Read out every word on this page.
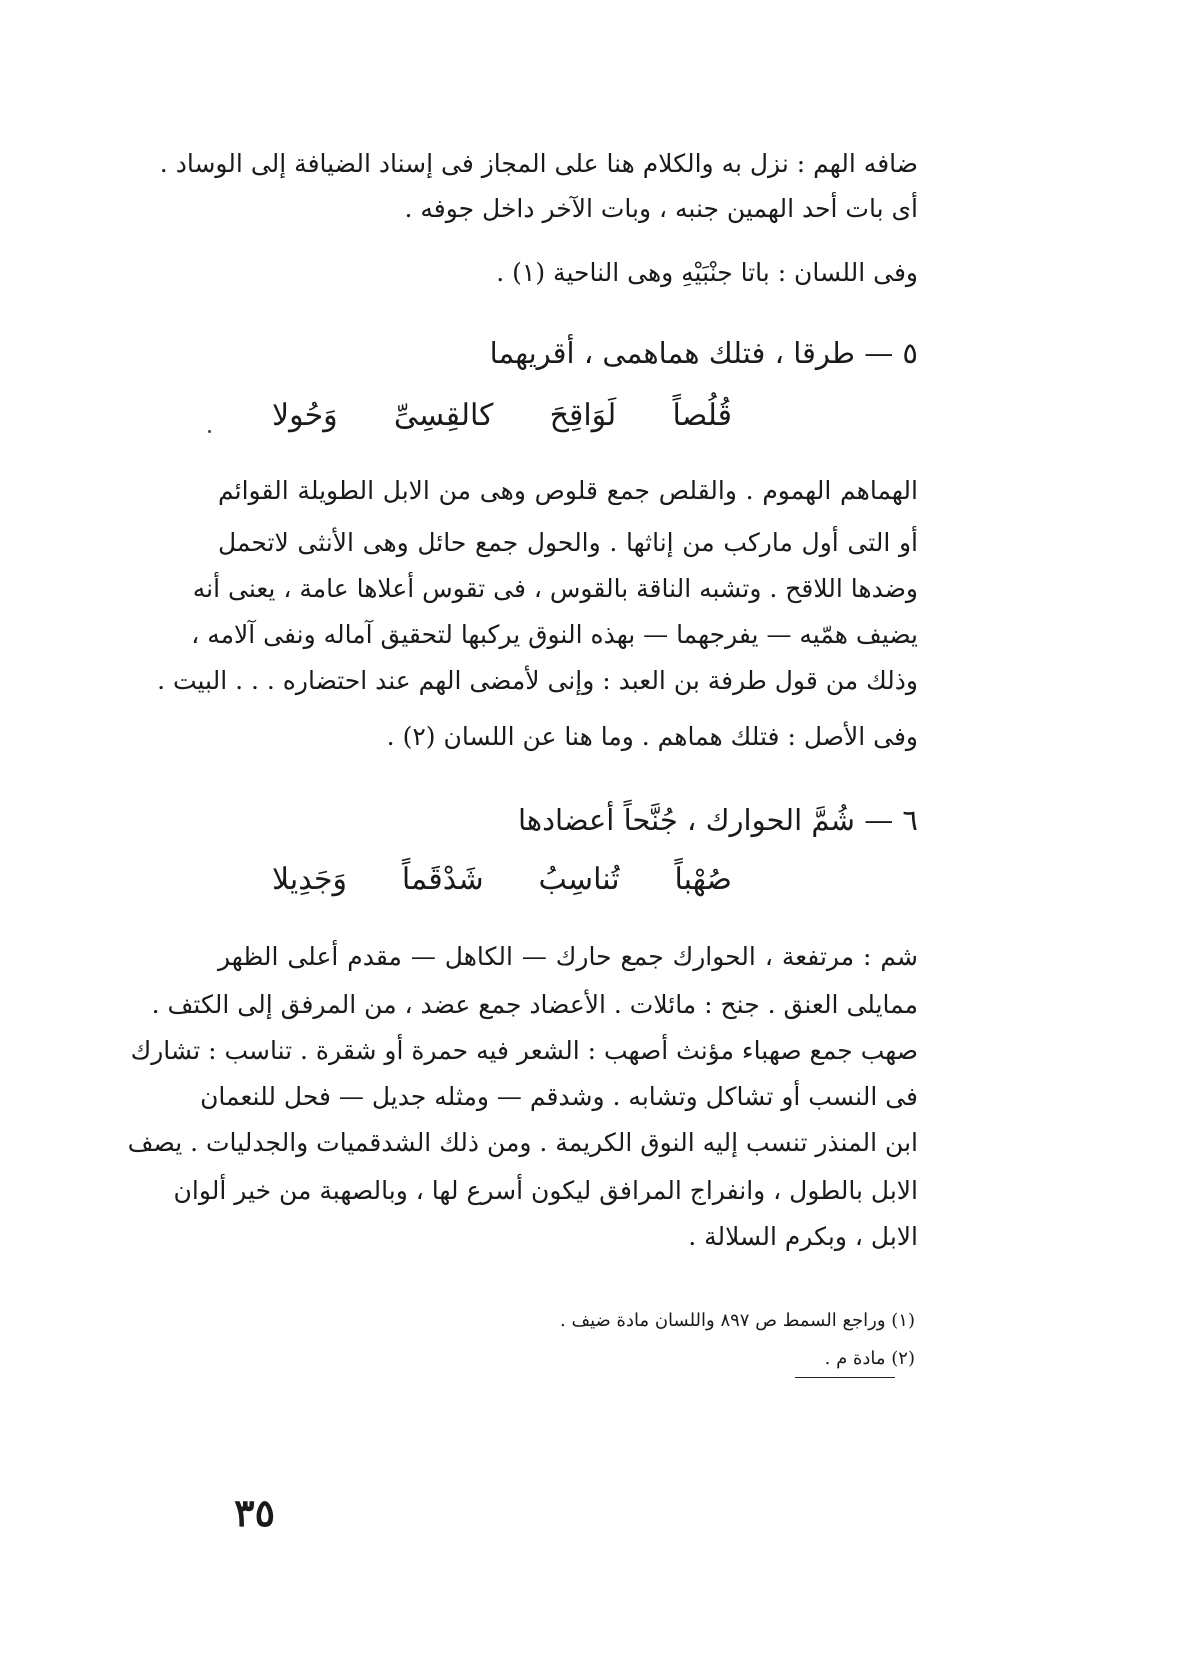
ضافه الهم : نزل به والكلام هنا على المجاز فى إسناد الضيافة إلى الوساد .
أى بات أحد الهمين جنبه ، وبات الآخر داخل جوفه .
وفى اللسان : باتا جنْبَيْهِ وهى الناحية (١) .
٥ — طرقا ، فتلك هماهمى ، أقريهما
قُلُصاً لَوَاقِحَ كالقِسِىِّ وَحُولا
الهماهم الهموم . والقلص جمع قلوص وهى من الابل الطويلة القوائم
أو التى أول ماركب من إناثها . والحول جمع حائل وهى الأنثى لاتحمل
وضدها اللاقح . وتشبه الناقة بالقوس ، فى تقوس أعلاها عامة ، يعنى أنه
يضيف همّيه — يفرجهما — بهذه النوق يركبها لتحقيق آماله ونفى آلامه ،
وذلك من قول طرفة بن العبد : وإنى لأمضى الهم عند احتضاره . . . البيت .
وفى الأصل : فتلك هماهم . وما هنا عن اللسان (٢) .
٦ — شُمَّ الحوارك ، جُنَّحاً أعضادها
صُهْباً تُناسِبُ شَدْقَماً وَجَدِيلا
شم : مرتفعة ، الحوارك جمع حارك — الكاهل — مقدم أعلى الظهر
ممايلى العنق . جنح : مائلات . الأعضاد جمع عضد ، من المرفق إلى الكتف .
صهب جمع صهباء مؤنث أصهب : الشعر فيه حمرة أو شقرة . تناسب : تشارك
فى النسب أو تشاكل وتشابه . وشدقم — ومثله جديل — فحل للنعمان
ابن المنذر تنسب إليه النوق الكريمة . ومن ذلك الشدقميات والجدليات . يصف
الابل بالطول ، وانفراج المرافق ليكون أسرع لها ، وبالصهبة من خير ألوان
الابل ، وبكرم السلالة .
(١) وراجع السمط ص ٨٩٧ واللسان مادة ضيف .
(٢) مادة م .
٣٥
